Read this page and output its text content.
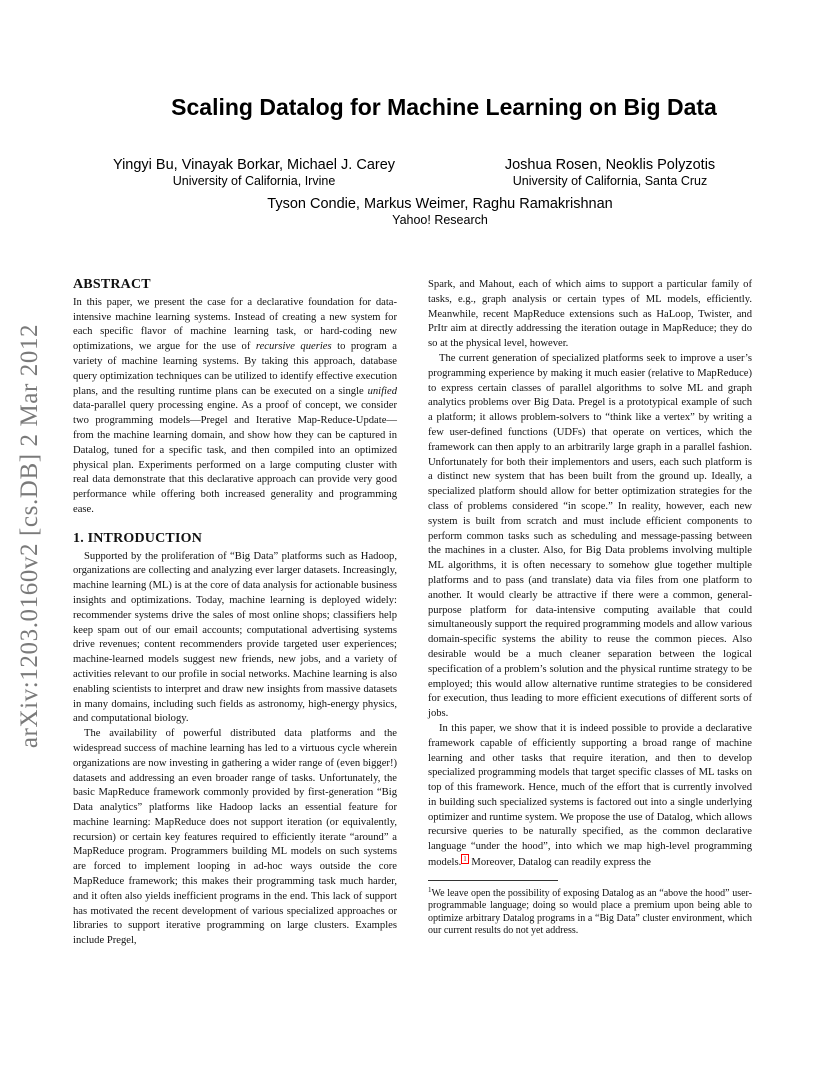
arXiv:1203.0160v2 [cs.DB] 2 Mar 2012
Scaling Datalog for Machine Learning on Big Data
Yingyi Bu, Vinayak Borkar, Michael J. Carey
University of California, Irvine
Joshua Rosen, Neoklis Polyzotis
University of California, Santa Cruz
Tyson Condie, Markus Weimer, Raghu Ramakrishnan
Yahoo! Research
ABSTRACT

In this paper, we present the case for a declarative foundation for data-intensive machine learning systems. Instead of creating a new system for each specific flavor of machine learning task, or hard-coding new optimizations, we argue for the use of recursive queries to program a variety of machine learning systems. By taking this approach, database query optimization techniques can be utilized to identify effective execution plans, and the resulting runtime plans can be executed on a single unified data-parallel query processing engine. As a proof of concept, we consider two programming models—Pregel and Iterative Map-Reduce-Update—from the machine learning domain, and show how they can be captured in Datalog, tuned for a specific task, and then compiled into an optimized physical plan. Experiments performed on a large computing cluster with real data demonstrate that this declarative approach can provide very good performance while offering both increased generality and programming ease.

1. INTRODUCTION

Supported by the proliferation of “Big Data” platforms such as Hadoop, organizations are collecting and analyzing ever larger datasets. Increasingly, machine learning (ML) is at the core of data analysis for actionable business insights and optimizations. Today, machine learning is deployed widely: recommender systems drive the sales of most online shops; classifiers help keep spam out of our email accounts; computational advertising systems drive revenues; content recommenders provide targeted user experiences; machine-learned models suggest new friends, new jobs, and a variety of activities relevant to our profile in social networks. Machine learning is also enabling scientists to interpret and draw new insights from massive datasets in many domains, including such fields as astronomy, high-energy physics, and computational biology.

The availability of powerful distributed data platforms and the widespread success of machine learning has led to a virtuous cycle wherein organizations are now investing in gathering a wider range of (even bigger!) datasets and addressing an even broader range of tasks. Unfortunately, the basic MapReduce framework commonly provided by first-generation “Big Data analytics” platforms like Hadoop lacks an essential feature for machine learning: MapReduce does not support iteration (or equivalently, recursion) or certain key features required to efficiently iterate “around” a MapReduce program. Programmers building ML models on such systems are forced to implement looping in ad-hoc ways outside the core MapReduce framework; this makes their programming task much harder, and it often also yields inefficient programs in the end. This lack of support has motivated the recent development of various specialized approaches or libraries to support iterative programming on large clusters. Examples include Pregel,

Spark, and Mahout, each of which aims to support a particular family of tasks, e.g., graph analysis or certain types of ML models, efficiently. Meanwhile, recent MapReduce extensions such as HaLoop, Twister, and PrItr aim at directly addressing the iteration outage in MapReduce; they do so at the physical level, however.

The current generation of specialized platforms seek to improve a user’s programming experience by making it much easier (relative to MapReduce) to express certain classes of parallel algorithms to solve ML and graph analytics problems over Big Data. Pregel is a prototypical example of such a platform; it allows problem-solvers to “think like a vertex” by writing a few user-defined functions (UDFs) that operate on vertices, which the framework can then apply to an arbitrarily large graph in a parallel fashion. Unfortunately for both their implementors and users, each such platform is a distinct new system that has been built from the ground up. Ideally, a specialized platform should allow for better optimization strategies for the class of problems considered “in scope.” In reality, however, each new system is built from scratch and must include efficient components to perform common tasks such as scheduling and message-passing between the machines in a cluster. Also, for Big Data problems involving multiple ML algorithms, it is often necessary to somehow glue together multiple platforms and to pass (and translate) data via files from one platform to another. It would clearly be attractive if there were a common, general-purpose platform for data-intensive computing available that could simultaneously support the required programming models and allow various domain-specific systems the ability to reuse the common pieces. Also desirable would be a much cleaner separation between the logical specification of a problem’s solution and the physical runtime strategy to be employed; this would allow alternative runtime strategies to be considered for execution, thus leading to more efficient executions of different sorts of jobs.

In this paper, we show that it is indeed possible to provide a declarative framework capable of efficiently supporting a broad range of machine learning and other tasks that require iteration, and then to develop specialized programming models that target specific classes of ML tasks on top of this framework. Hence, much of the effort that is currently involved in building such specialized systems is factored out into a single underlying optimizer and runtime system. We propose the use of Datalog, which allows recursive queries to be naturally specified, as the common declarative language “under the hood”, into which we map high-level programming models. $^1$ Moreover, Datalog can readily express the

$^1$We leave open the possibility of exposing Datalog as an “above the hood” user-programmable language; doing so would place a premium upon being able to optimize arbitrary Datalog programs in a “Big Data” cluster environment, which our current results do not yet address.
